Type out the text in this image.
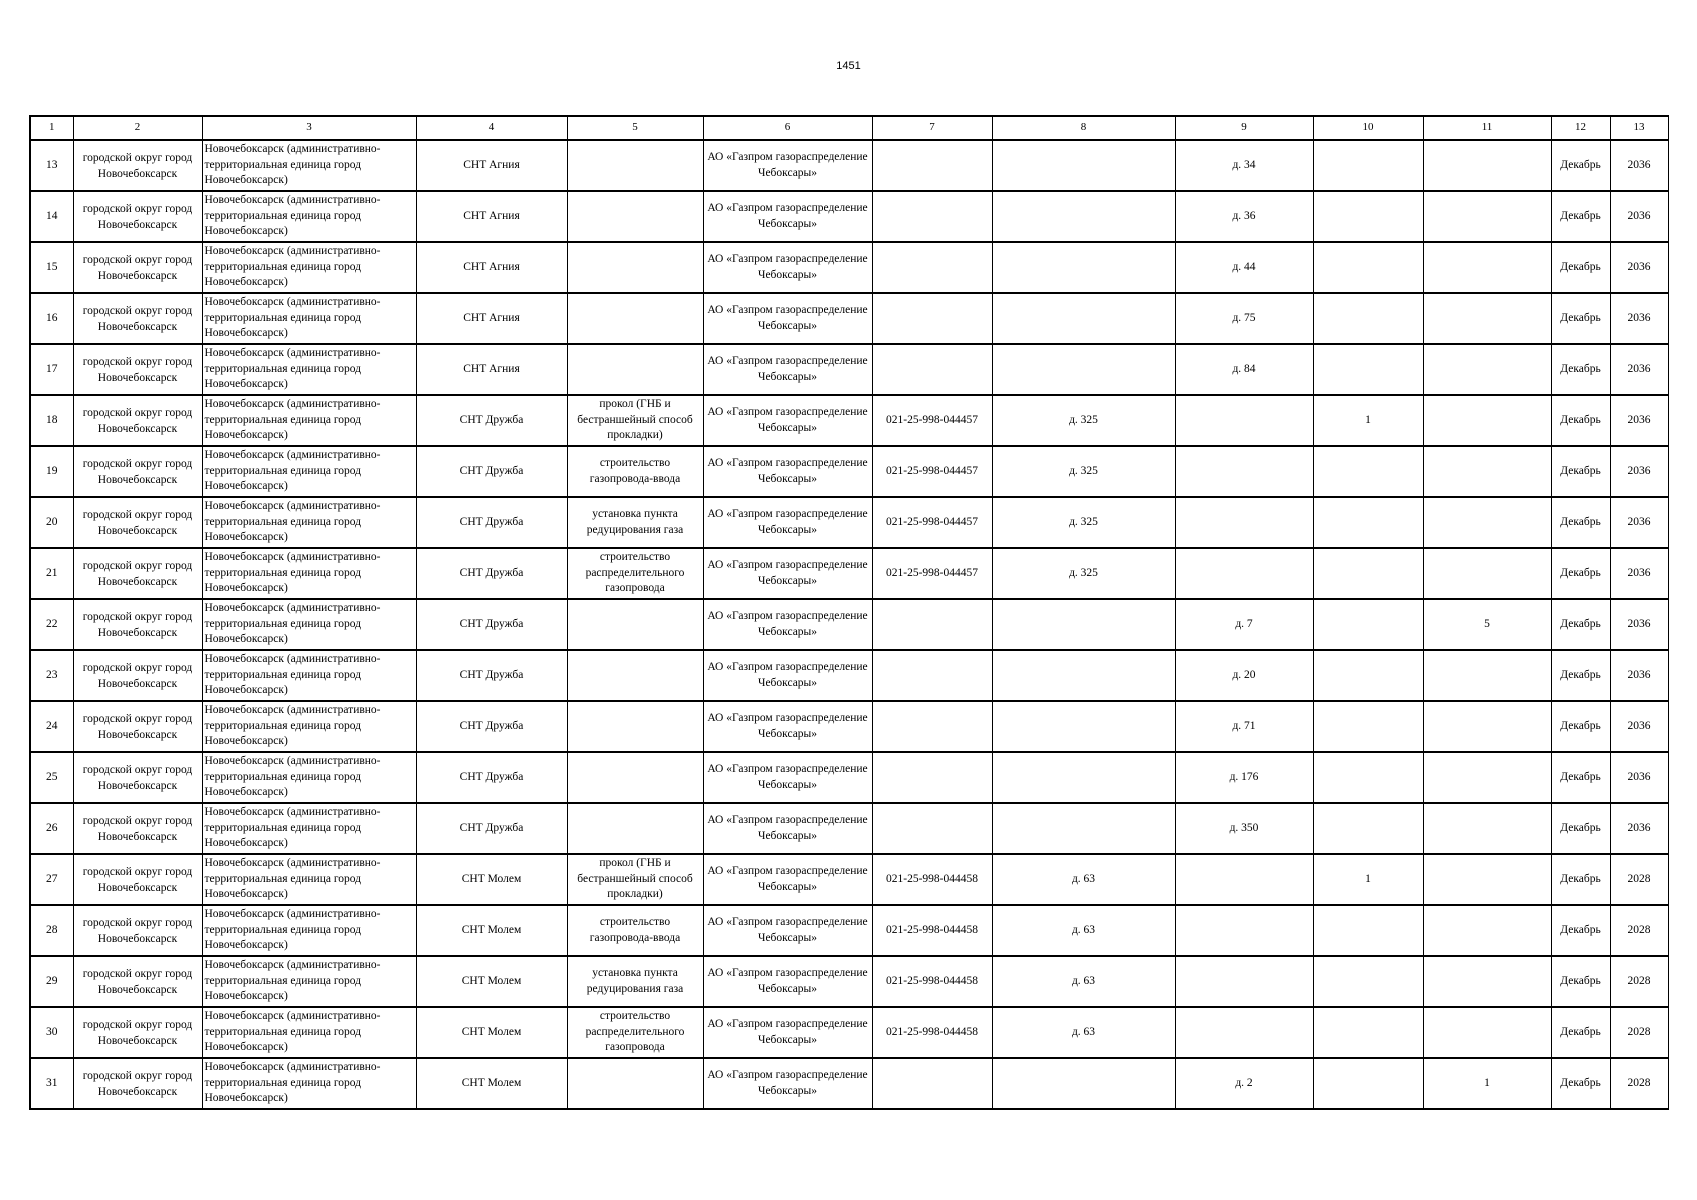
1451
1	2	3	4	5	6	7	8	9	10	11	12	13
13	городской округ город Новочебоксарск	Новочебоксарск (административно-территориальная единица город Новочебоксарск)	СНТ Агния		АО «Газпром газораспределение Чебоксары»			д. 34			Декабрь	2036
14	городской округ город Новочебоксарск	Новочебоксарск (административно-территориальная единица город Новочебоксарск)	СНТ Агния		АО «Газпром газораспределение Чебоксары»			д. 36			Декабрь	2036
15	городской округ город Новочебоксарск	Новочебоксарск (административно-территориальная единица город Новочебоксарск)	СНТ Агния		АО «Газпром газораспределение Чебоксары»			д. 44			Декабрь	2036
16	городской округ город Новочебоксарск	Новочебоксарск (административно-территориальная единица город Новочебоксарск)	СНТ Агния		АО «Газпром газораспределение Чебоксары»			д. 75			Декабрь	2036
17	городской округ город Новочебоксарск	Новочебоксарск (административно-территориальная единица город Новочебоксарск)	СНТ Агния		АО «Газпром газораспределение Чебоксары»			д. 84			Декабрь	2036
18	городской округ город Новочебоксарск	Новочебоксарск (административно-территориальная единица город Новочебоксарск)	СНТ Дружба	прокол (ГНБ и бестраншейный способ прокладки)	АО «Газпром газораспределение Чебоксары»	021-25-998-044457	д. 325		1		Декабрь	2036
19	городской округ город Новочебоксарск	Новочебоксарск (административно-территориальная единица город Новочебоксарск)	СНТ Дружба	строительство газопровода-ввода	АО «Газпром газораспределение Чебоксары»	021-25-998-044457	д. 325				Декабрь	2036
20	городской округ город Новочебоксарск	Новочебоксарск (административно-территориальная единица город Новочебоксарск)	СНТ Дружба	установка пункта редуцирования газа	АО «Газпром газораспределение Чебоксары»	021-25-998-044457	д. 325				Декабрь	2036
21	городской округ город Новочебоксарск	Новочебоксарск (административно-территориальная единица город Новочебоксарск)	СНТ Дружба	строительство распределительного газопровода	АО «Газпром газораспределение Чебоксары»	021-25-998-044457	д. 325				Декабрь	2036
22	городской округ город Новочебоксарск	Новочебоксарск (административно-территориальная единица город Новочебоксарск)	СНТ Дружба		АО «Газпром газораспределение Чебоксары»			д. 7		5	Декабрь	2036
23	городской округ город Новочебоксарск	Новочебоксарск (административно-территориальная единица город Новочебоксарск)	СНТ Дружба		АО «Газпром газораспределение Чебоксары»			д. 20			Декабрь	2036
24	городской округ город Новочебоксарск	Новочебоксарск (административно-территориальная единица город Новочебоксарск)	СНТ Дружба		АО «Газпром газораспределение Чебоксары»			д. 71			Декабрь	2036
25	городской округ город Новочебоксарск	Новочебоксарск (административно-территориальная единица город Новочебоксарск)	СНТ Дружба		АО «Газпром газораспределение Чебоксары»			д. 176			Декабрь	2036
26	городской округ город Новочебоксарск	Новочебоксарск (административно-территориальная единица город Новочебоксарск)	СНТ Дружба		АО «Газпром газораспределение Чебоксары»			д. 350			Декабрь	2036
27	городской округ город Новочебоксарск	Новочебоксарск (административно-территориальная единица город Новочебоксарск)	СНТ Молем	прокол (ГНБ и бестраншейный способ прокладки)	АО «Газпром газораспределение Чебоксары»	021-25-998-044458	д. 63		1		Декабрь	2028
28	городской округ город Новочебоксарск	Новочебоксарск (административно-территориальная единица город Новочебоксарск)	СНТ Молем	строительство газопровода-ввода	АО «Газпром газораспределение Чебоксары»	021-25-998-044458	д. 63				Декабрь	2028
29	городской округ город Новочебоксарск	Новочебоксарск (административно-территориальная единица город Новочебоксарск)	СНТ Молем	установка пункта редуцирования газа	АО «Газпром газораспределение Чебоксары»	021-25-998-044458	д. 63				Декабрь	2028
30	городской округ город Новочебоксарск	Новочебоксарск (административно-территориальная единица город Новочебоксарск)	СНТ Молем	строительство распределительного газопровода	АО «Газпром газораспределение Чебоксары»	021-25-998-044458	д. 63				Декабрь	2028
31	городской округ город Новочебоксарск	Новочебоксарск (административно-территориальная единица город Новочебоксарск)	СНТ Молем		АО «Газпром газораспределение Чебоксары»			д. 2		1	Декабрь	2028
